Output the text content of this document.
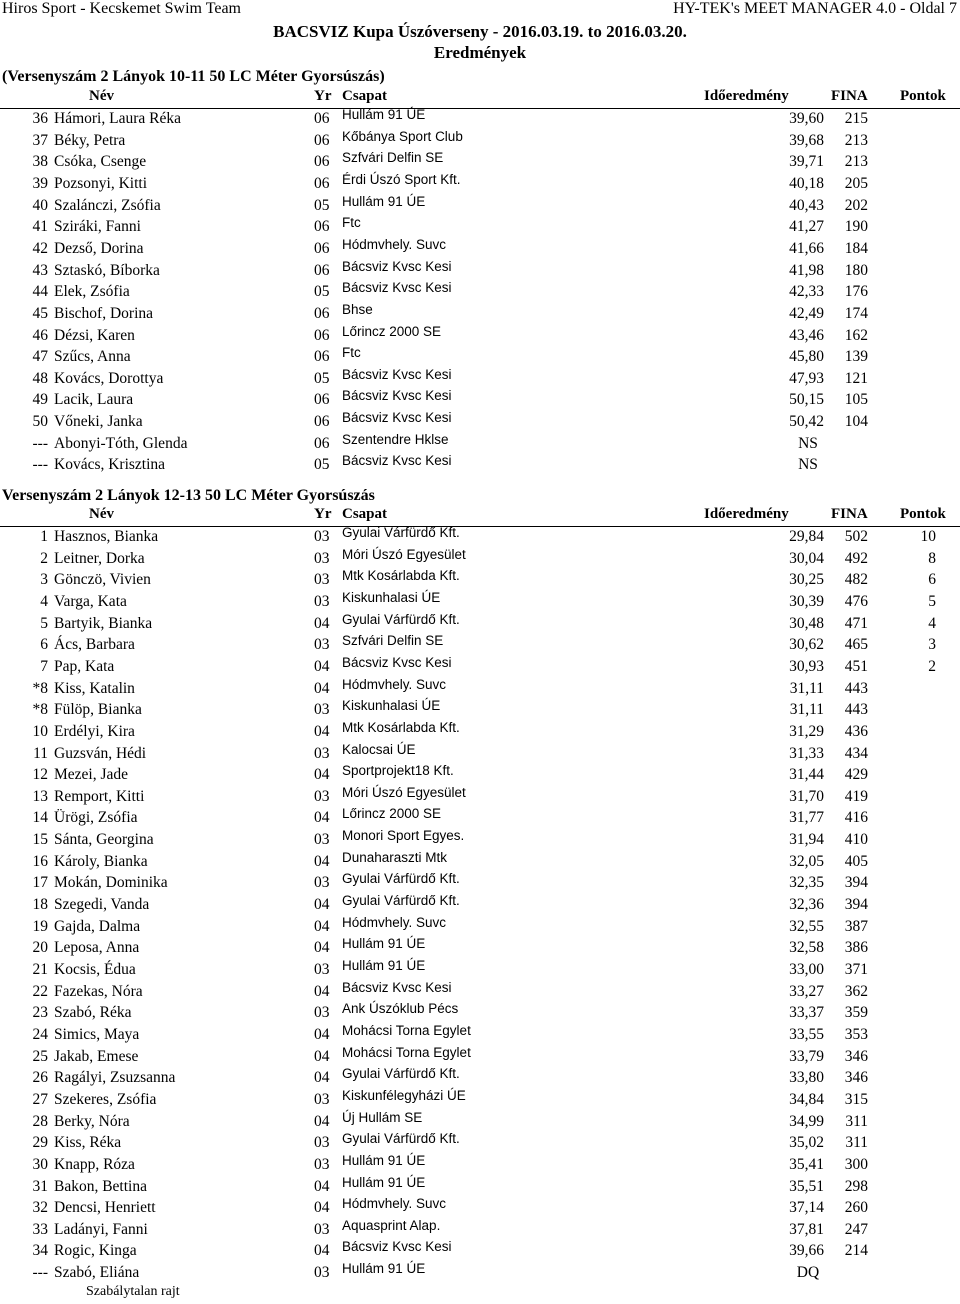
Hiros Sport - Kecskemet Swim Team	HY-TEK's MEET MANAGER 4.0 - Oldal 7
BACSVIZ Kupa Úszóverseny - 2016.03.19. to 2016.03.20.
Eredmények
(Versenyszám 2 Lányok 10-11 50 LC Méter Gyorsúszás)
Név	Yr Csapat	Időeredmény	FINA Pontok
36 Hámori, Laura Réka	06 Hullám 91 ÚE	39,60	215
37 Béky, Petra	06 Kőbánya Sport Club	39,68	213
38 Csóka, Csenge	06 Szfvári Delfin SE	39,71	213
39 Pozsonyi, Kitti	06 Érdi Úszó Sport Kft.	40,18	205
40 Szalánczi, Zsófia	05 Hullám 91 ÚE	40,43	202
41 Sziráki, Fanni	06 Ftc	41,27	190
42 Dezső, Dorina	06 Hódmvhely. Suvc	41,66	184
43 Sztaskó, Bíborka	06 Bácsviz Kvsc Kesi	41,98	180
44 Elek, Zsófia	05 Bácsviz Kvsc Kesi	42,33	176
45 Bischof, Dorina	06 Bhse	42,49	174
46 Dézsi, Karen	06 Lőrincz 2000 SE	43,46	162
47 Szűcs, Anna	06 Ftc	45,80	139
48 Kovács, Dorottya	05 Bácsviz Kvsc Kesi	47,93	121
49 Lacik, Laura	06 Bácsviz Kvsc Kesi	50,15	105
50 Vőneki, Janka	06 Bácsviz Kvsc Kesi	50,42	104
--- Abonyi-Tóth, Glenda	06 Szentendre Hklse	NS
--- Kovács, Krisztina	05 Bácsviz Kvsc Kesi	NS
Versenyszám 2 Lányok 12-13 50 LC Méter Gyorsúszás
Név	Yr Csapat	Időeredmény	FINA Pontok
1 Hasznos, Bianka	03 Gyulai Várfürdő Kft.	29,84	502	10
2 Leitner, Dorka	03 Móri Úszó Egyesület	30,04	492	8
3 Gönczö, Vivien	03 Mtk Kosárlabda Kft.	30,25	482	6
4 Varga, Kata	03 Kiskunhalasi ÚE	30,39	476	5
5 Bartyik, Bianka	04 Gyulai Várfürdő Kft.	30,48	471	4
6 Ács, Barbara	03 Szfvári Delfin SE	30,62	465	3
7 Pap, Kata	04 Bácsviz Kvsc Kesi	30,93	451	2
*8 Kiss, Katalin	04 Hódmvhely. Suvc	31,11	443
*8 Fülöp, Bianka	03 Kiskunhalasi ÚE	31,11	443
10 Erdélyi, Kira	04 Mtk Kosárlabda Kft.	31,29	436
11 Guzsván, Hédi	03 Kalocsai ÚE	31,33	434
12 Mezei, Jade	04 Sportprojekt18 Kft.	31,44	429
13 Remport, Kitti	03 Móri Úszó Egyesület	31,70	419
14 Ürögi, Zsófia	04 Lőrincz 2000 SE	31,77	416
15 Sánta, Georgina	03 Monori Sport Egyes.	31,94	410
16 Károly, Bianka	04 Dunaharaszti Mtk	32,05	405
17 Mokán, Dominika	03 Gyulai Várfürdő Kft.	32,35	394
18 Szegedi, Vanda	04 Gyulai Várfürdő Kft.	32,36	394
19 Gajda, Dalma	04 Hódmvhely. Suvc	32,55	387
20 Leposa, Anna	04 Hullám 91 ÚE	32,58	386
21 Kocsis, Édua	03 Hullám 91 ÚE	33,00	371
22 Fazekas, Nóra	04 Bácsviz Kvsc Kesi	33,27	362
23 Szabó, Réka	03 Ank Úszóklub Pécs	33,37	359
24 Simics, Maya	04 Mohácsi Torna Egylet	33,55	353
25 Jakab, Emese	04 Mohácsi Torna Egylet	33,79	346
26 Ragályi, Zsuzsanna	04 Gyulai Várfürdő Kft.	33,80	346
27 Szekeres, Zsófia	03 Kiskunfélegyházi ÚE	34,84	315
28 Berky, Nóra	04 Új Hullám SE	34,99	311
29 Kiss, Réka	03 Gyulai Várfürdő Kft.	35,02	311
30 Knapp, Róza	03 Hullám 91 ÚE	35,41	300
31 Bakon, Bettina	04 Hullám 91 ÚE	35,51	298
32 Dencsi, Henriett	04 Hódmvhely. Suvc	37,14	260
33 Ladányi, Fanni	03 Aquasprint Alap.	37,81	247
34 Rogic, Kinga	04 Bácsviz Kvsc Kesi	39,66	214
--- Szabó, Eliána	03 Hullám 91 ÚE	DQ
Szabálytalan rajt
